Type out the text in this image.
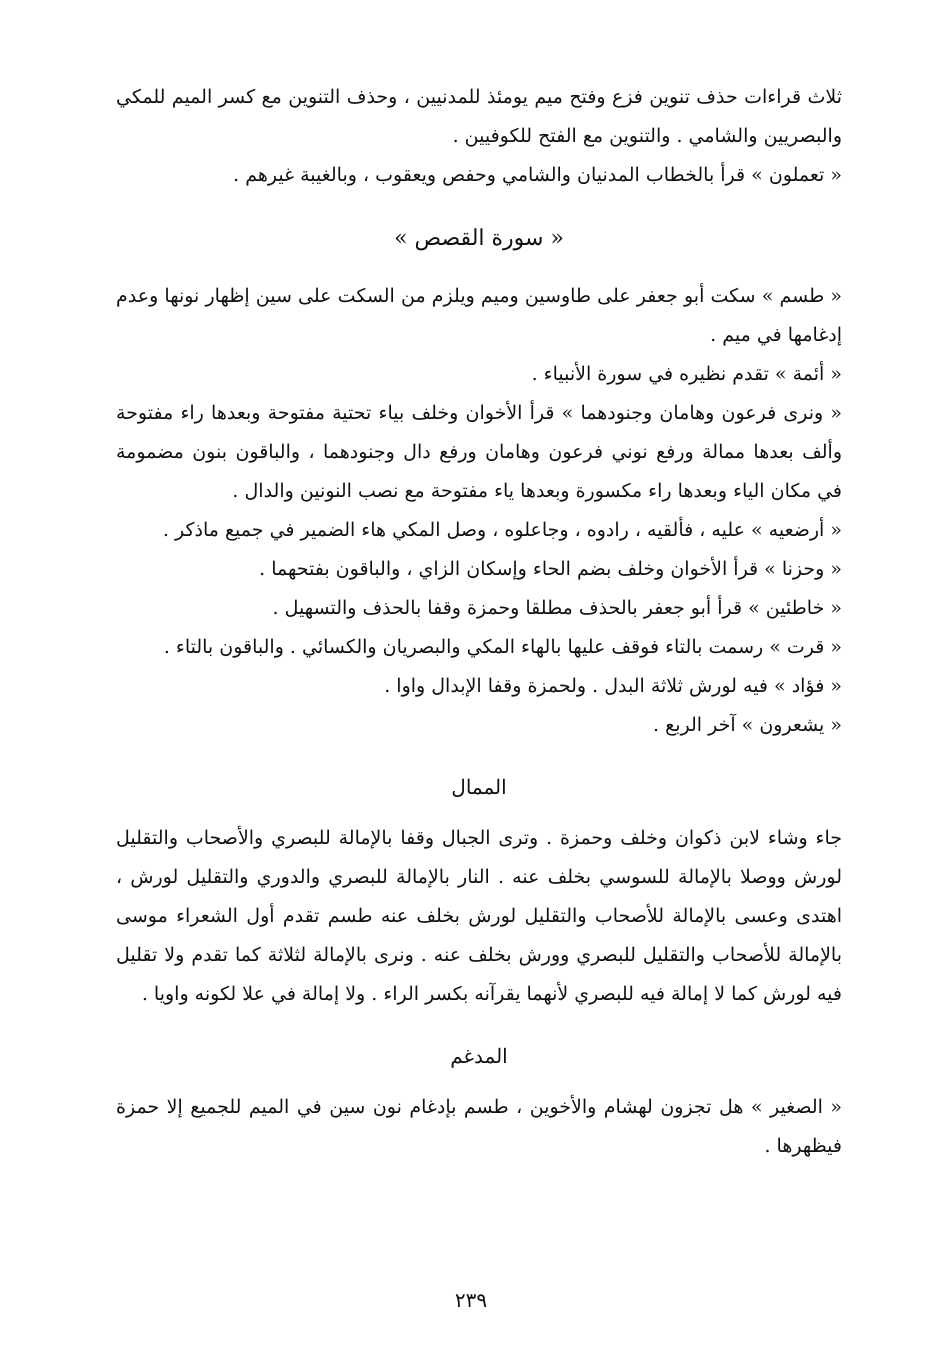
ثلاث قراءات حذف تنوين فزع وفتح ميم يومئذ للمدنيين ، وحذف التنوين مع كسر الميم للمكي والبصريين والشامي . والتنوين مع الفتح للكوفيين .

« تعملون » قرأ بالخطاب المدنيان والشامي وحفص ويعقوب ، وبالغيبة غيرهم .

« سورة القصص »

« طسم » سكت أبو جعفر على طاوسين وميم ويلزم من السكت على سين إظهار نونها وعدم إدغامها في ميم .

« أئمة » تقدم نظيره في سورة الأنبياء .

« ونرى فرعون وهامان وجنودهما » قرأ الأخوان وخلف بياء تحتية مفتوحة وبعدها راء مفتوحة وألف بعدها ممالة ورفع نوني فرعون وهامان ورفع دال وجنودهما ، والباقون بنون مضمومة في مكان الياء وبعدها راء مكسورة وبعدها ياء مفتوحة مع نصب النونين والدال .

« أرضعيه » عليه ، فألقيه ، رادوه ، وجاعلوه ، وصل المكي هاء الضمير في جميع ماذكر .

« وحزنا » قرأ الأخوان وخلف بضم الحاء وإسكان الزاي ، والباقون بفتحهما .

« خاطئين » قرأ أبو جعفر بالحذف مطلقا وحمزة وقفا بالحذف والتسهيل .

« قرت » رسمت بالتاء فوقف عليها بالهاء المكي والبصريان والكسائي . والباقون بالتاء .

« فؤاد » فيه لورش ثلاثة البدل . ولحمزة وقفا الإبدال واوا .

« يشعرون » آخر الربع .

الممال

جاء وشاء لابن ذكوان وخلف وحمزة . وترى الجبال وقفا بالإمالة للبصري والأصحاب والتقليل لورش ووصلا بالإمالة للسوسي بخلف عنه . النار بالإمالة للبصري والدوري والتقليل لورش ، اهتدى وعسى بالإمالة للأصحاب والتقليل لورش بخلف عنه طسم تقدم أول الشعراء موسى بالإمالة للأصحاب والتقليل للبصري وورش بخلف عنه . ونرى بالإمالة لثلاثة كما تقدم ولا تقليل فيه لورش كما لا إمالة فيه للبصري لأنهما يقرآنه بكسر الراء . ولا إمالة في علا لكونه واويا .

المدغم

« الصغير » هل تجزون لهشام والأخوين ، طسم بإدغام نون سين في الميم للجميع إلا حمزة فيظهرها .

٢٣٩
